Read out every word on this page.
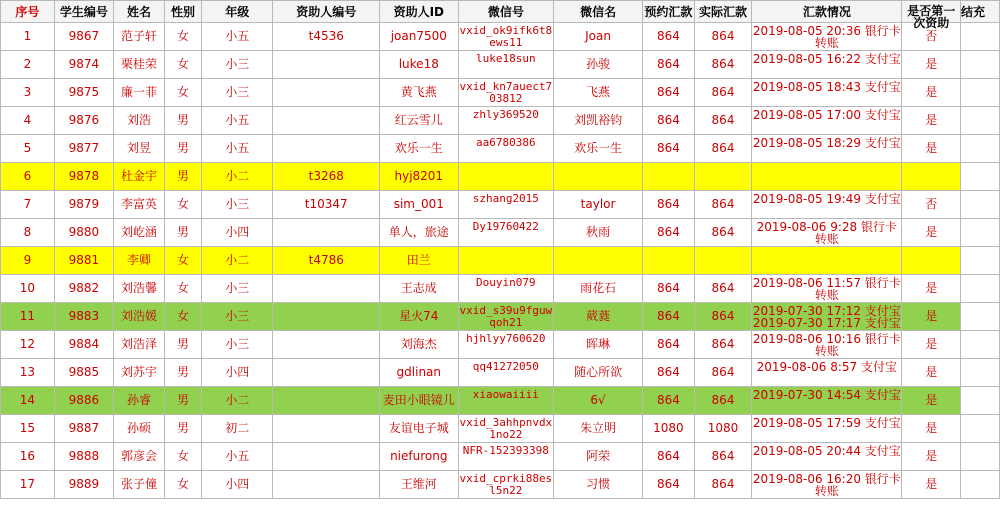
序号	学生编号	姓名	性别	年级	资助人编号	资助人ID	微信号	微信名	预约汇款	实际汇款	汇款情况	是否第一次资助	结充

1	9867	范子轩	女	小五	t4536	joan7500	vxid_ok9ifk6t8ews11	Joan	864	864	2019-08-05 20:36 银行卡转账	否	

2	9874	栗桂荣	女	小三		luke18	luke18sun	孙骏	864	864	2019-08-05 16:22 支付宝	是	

3	9875	廉一菲	女	小三		黄飞燕	vxid_kn7auect703812	飞燕	864	864	2019-08-05 18:43 支付宝	是	

4	9876	刘浩	男	小五		红云雪儿	zhly369520	刘凯裕钧	864	864	2019-08-05 17:00 支付宝	是	

5	9877	刘昱	男	小五		欢乐一生	aa6780386	欢乐一生	864	864	2019-08-05 18:29 支付宝	是	

6	9878	杜金宇	男	小二	t3268	hyj8201							

7	9879	李富英	女	小三	t10347	sim_001	szhang2015	taylor	864	864	2019-08-05 19:49 支付宝	否	

8	9880	刘屹涵	男	小四		单人，旅途	Dy19760422	秋雨	864	864	2019-08-06 9:28 银行卡转账	是	

9	9881	李卿	女	小二	t4786	田兰							

10	9882	刘浩馨	女	小三		王志成	Douyin079	雨花石	864	864	2019-08-06 11:57 银行卡转账	是	

11	9883	刘浩媛	女	小三		星火74	vxid_s39u9fguwqoh21	葳蕤	864	864	2019-07-30 17:12 支付宝 2019-07-30 17:17 支付宝	是	

12	9884	刘浩泽	男	小三		刘海杰	hjhlyy760620	晖琳	864	864	2019-08-06 10:16 银行卡转账	是	

13	9885	刘苏宇	男	小四		gdlinan	qq41272050	随心所欲	864	864	2019-08-06 8:57 支付宝	是	

14	9886	孙睿	男	小二		麦田小眼镜儿	xiaowaiiii	6√	864	864	2019-07-30 14:54 支付宝	是	

15	9887	孙硕	男	初二		友谊电子城	vxid_3ahhpnvdx1no22	朱立明	1080	1080	2019-08-05 17:59 支付宝	是	

16	9888	郭彦会	女	小五		niefurong	NFR-152393398	阿荣	864	864	2019-08-05 20:44 支付宝	是	

17	9889	张子僮	女	小四		王维河	vxid_cprki88esl5n22	习惯	864	864	2019-08-06 16:20 银行卡转账	是	
